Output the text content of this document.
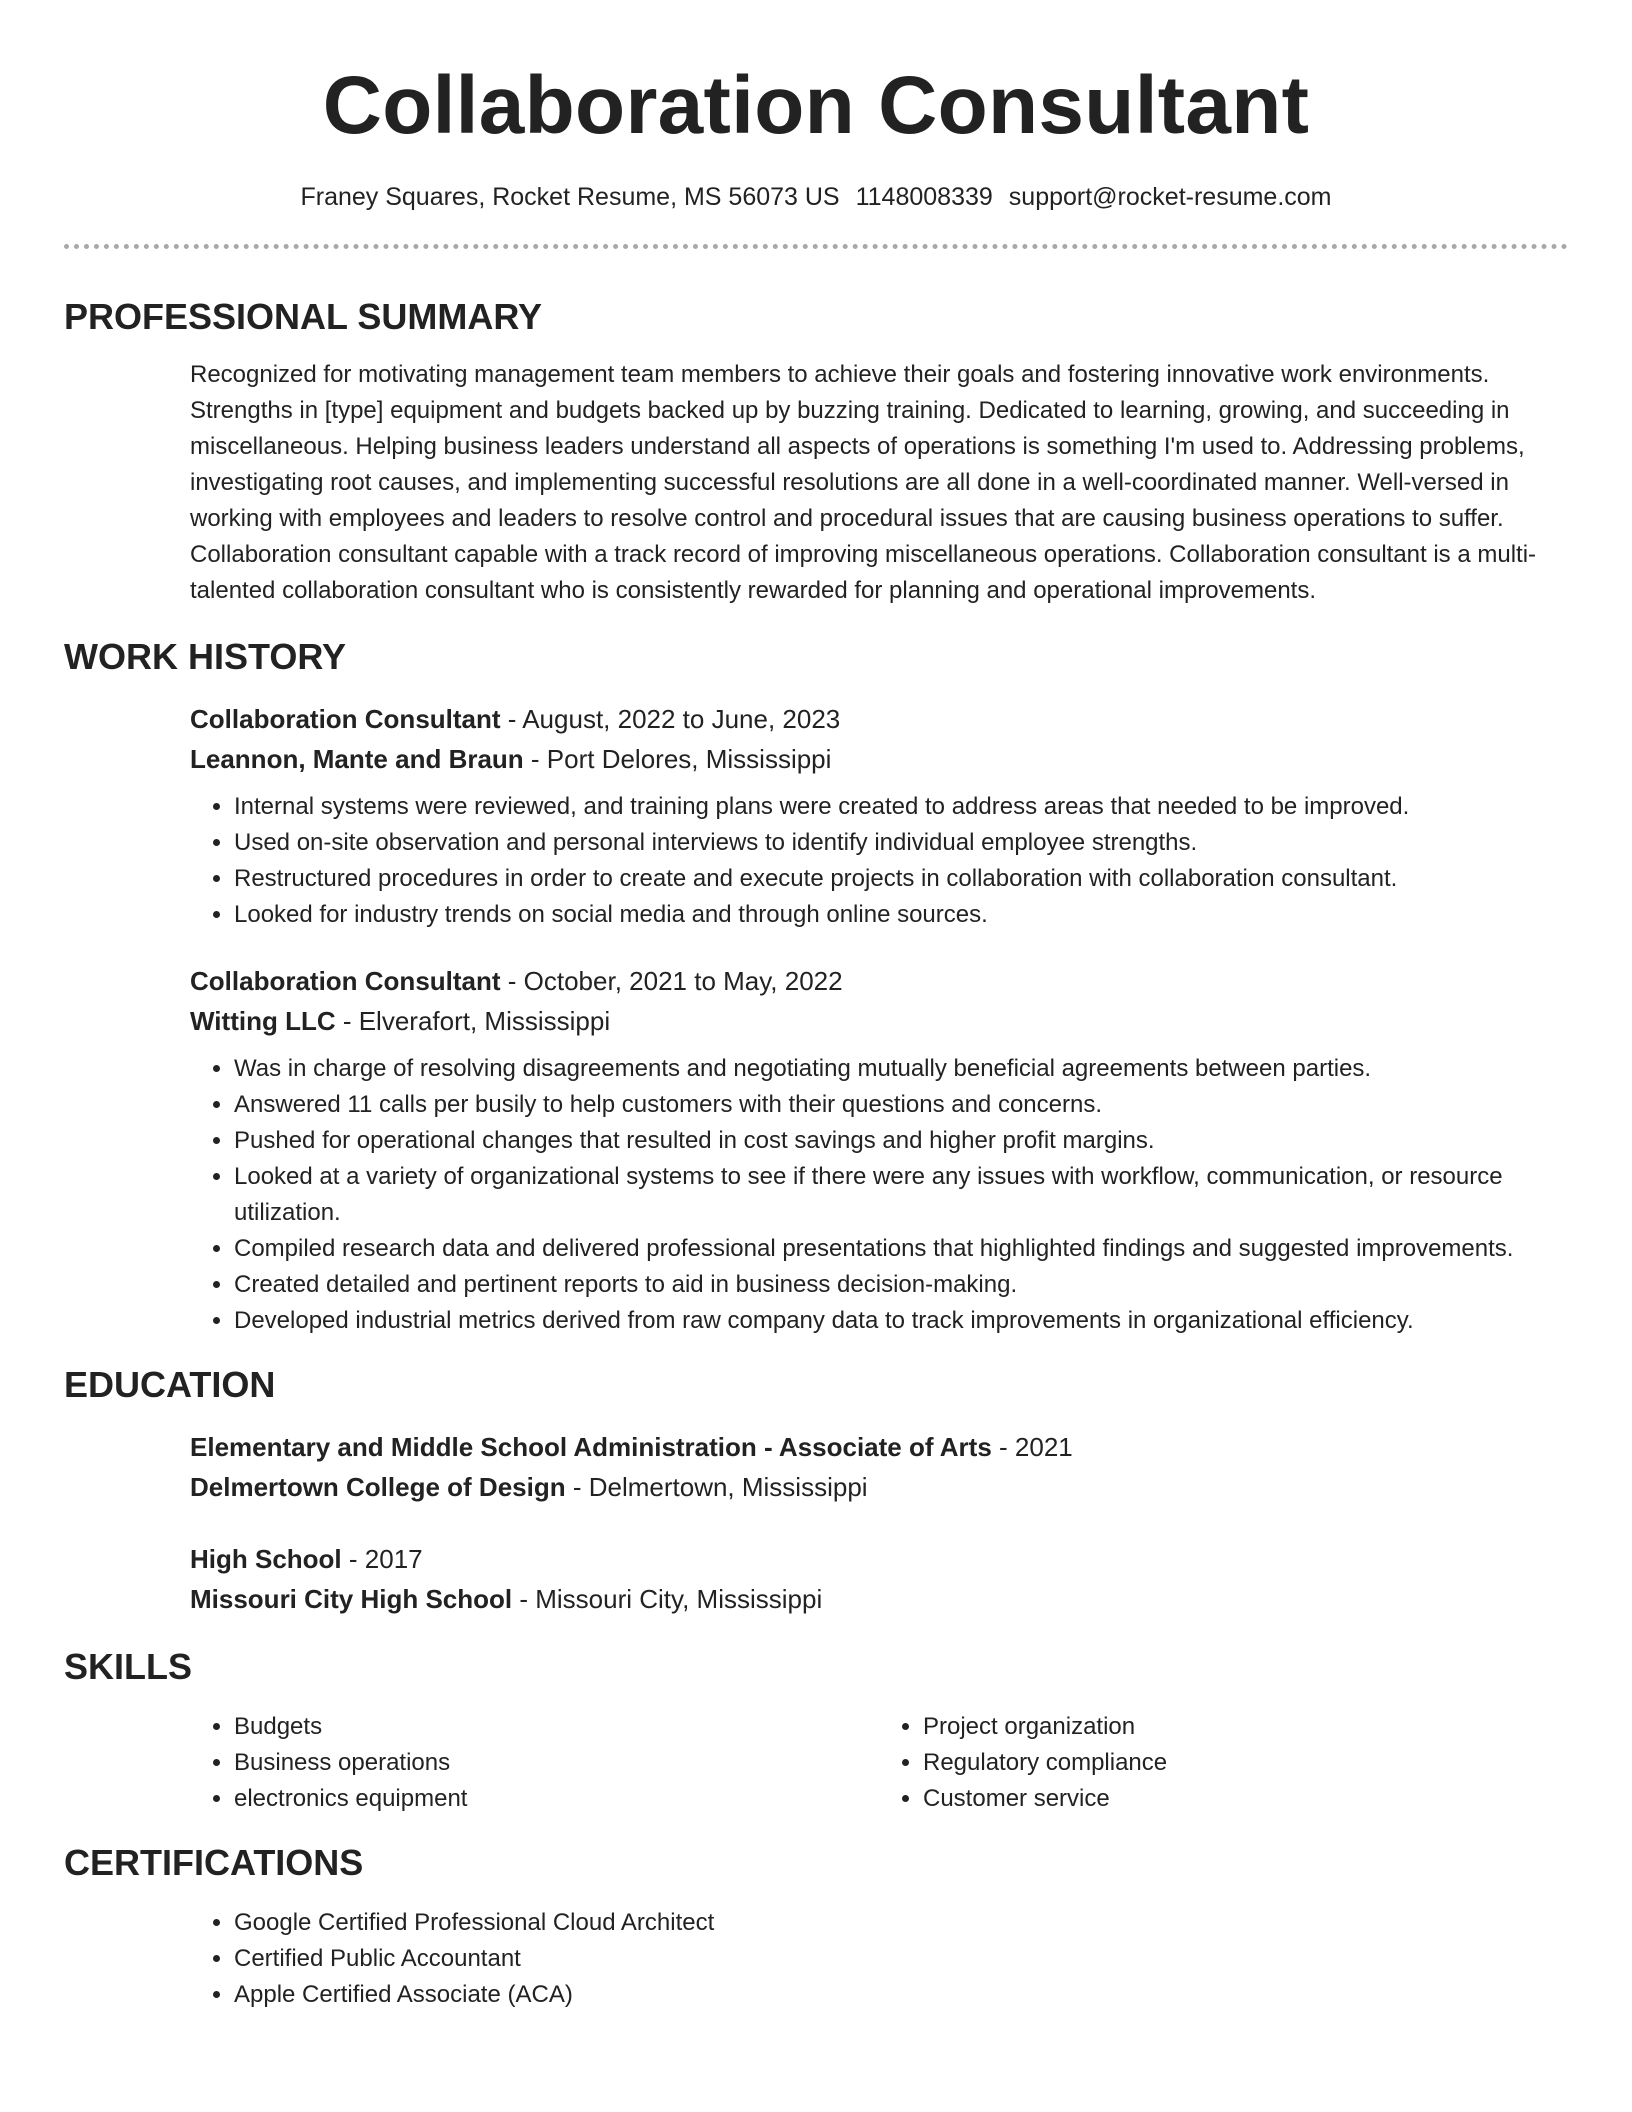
Collaboration Consultant
Franey Squares, Rocket Resume, MS 56073 US 1148008339 support@rocket-resume.com
PROFESSIONAL SUMMARY

Recognized for motivating management team members to achieve their goals and fostering innovative work environments. Strengths in [type] equipment and budgets backed up by buzzing training. Dedicated to learning, growing, and succeeding in miscellaneous. Helping business leaders understand all aspects of operations is something I'm used to. Addressing problems, investigating root causes, and implementing successful resolutions are all done in a well-coordinated manner. Well-versed in working with employees and leaders to resolve control and procedural issues that are causing business operations to suffer. Collaboration consultant capable with a track record of improving miscellaneous operations. Collaboration consultant is a multi-talented collaboration consultant who is consistently rewarded for planning and operational improvements.

WORK HISTORY

Collaboration Consultant - August, 2022 to June, 2023

Leannon, Mante and Braun - Port Delores, Mississippi

• Internal systems were reviewed, and training plans were created to address areas that needed to be improved.
• Used on-site observation and personal interviews to identify individual employee strengths.
• Restructured procedures in order to create and execute projects in collaboration with collaboration consultant.
• Looked for industry trends on social media and through online sources.

Collaboration Consultant - October, 2021 to May, 2022

Witting LLC - Elverafort, Mississippi

• Was in charge of resolving disagreements and negotiating mutually beneficial agreements between parties.
• Answered 11 calls per busily to help customers with their questions and concerns.
• Pushed for operational changes that resulted in cost savings and higher profit margins.
• Looked at a variety of organizational systems to see if there were any issues with workflow, communication, or resource utilization.
• Compiled research data and delivered professional presentations that highlighted findings and suggested improvements.
• Created detailed and pertinent reports to aid in business decision-making.
• Developed industrial metrics derived from raw company data to track improvements in organizational efficiency.
EDUCATION

Elementary and Middle School Administration - Associate of Arts - 2021

Delmertown College of Design - Delmertown, Mississippi

High School - 2017

Missouri City High School - Missouri City, Mississippi

SKILLS
• Budgets
• Business operations
• electronics equipment
• Project organization
• Regulatory compliance
• Customer service
CERTIFICATIONS
• Google Certified Professional Cloud Architect
• Certified Public Accountant
• Apple Certified Associate (ACA)
